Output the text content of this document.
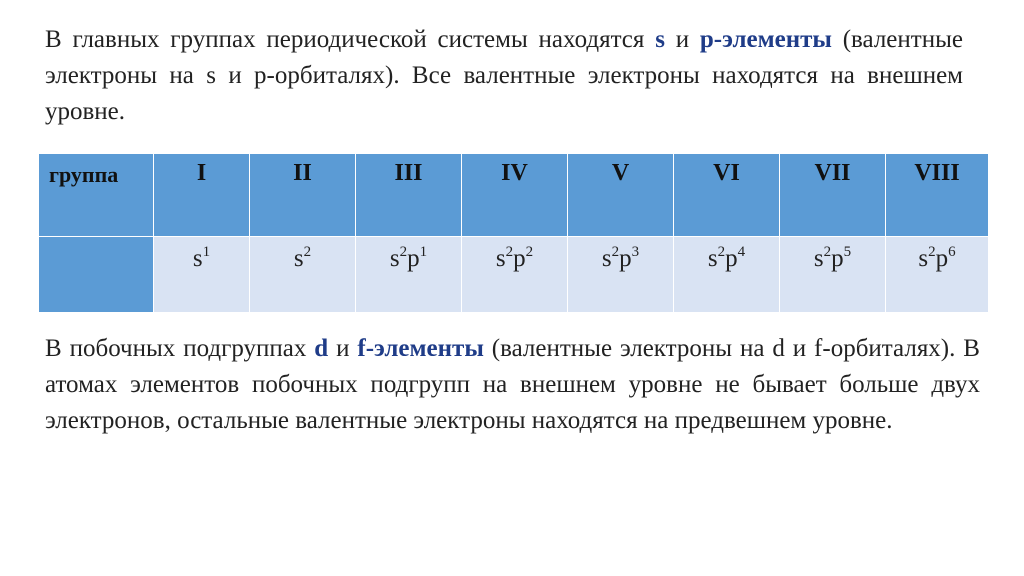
В главных группах периодической системы находятся s и p-элементы (валентные электроны на s и p-орбиталях). Все валентные электроны находятся на внешнем уровне.

группа	I	II	III	IV	V	VI	VII	VIII
	$s^1$	$s^2$	$s^2p^1$	$s^2p^2$	$s^2p^3$	$s^2p^4$	$s^2p^5$	$s^2p^6$

В побочных подгруппах d и f-элементы (валентные электроны на d и f-орбиталях). В атомах элементов побочных подгрупп на внешнем уровне не бывает больше двух электронов, остальные валентные электроны находятся на предвешнем уровне.
